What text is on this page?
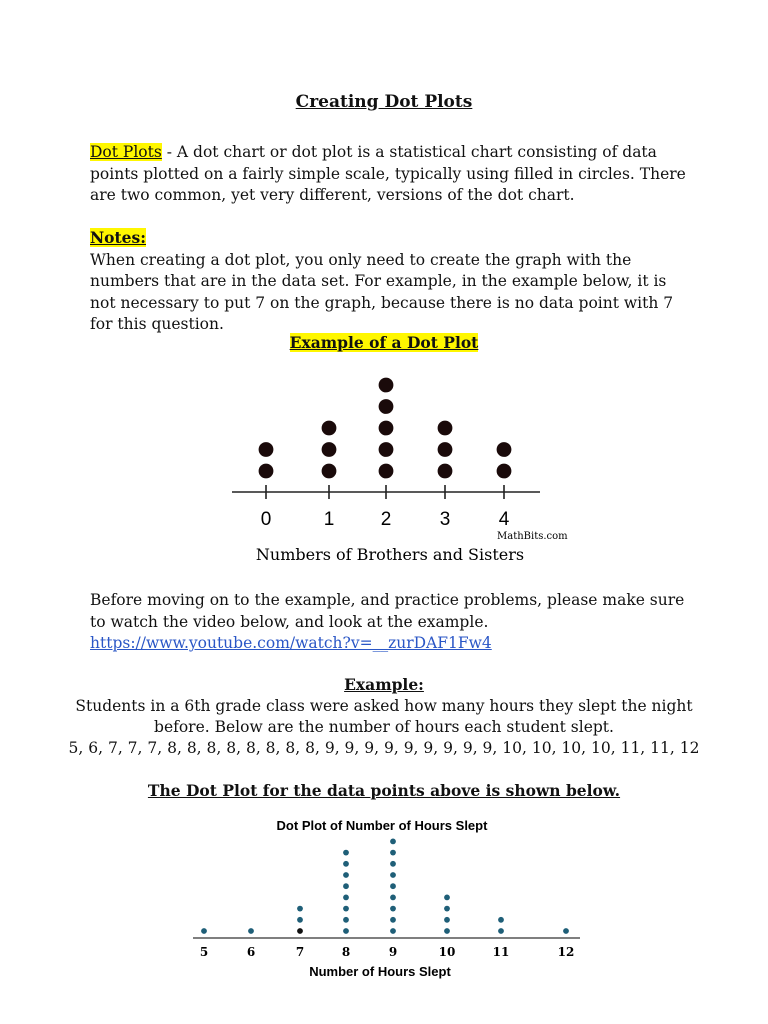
Creating Dot Plots
Dot Plots - A dot chart or dot plot is a statistical chart consisting of data points plotted on a fairly simple scale, typically using filled in circles. There are two common, yet very different, versions of the dot chart.
Notes:
When creating a dot plot, you only need to create the graph with the numbers that are in the data set. For example, in the example below, it is not necessary to put 7 on the graph, because there is no data point with 7 for this question.
Example of a Dot Plot
0	1 2	3	4
MathBits.com
Numbers of Brothers and Sisters
Before moving on to the example, and practice problems, please make sure to watch the video below, and look at the example.
https://www.youtube.com/watch?v=__zurDAF1Fw4
Example:
Students in a 6th grade class were asked how many hours they slept the night
before. Below are the number of hours each student slept.
5, 6, 7, 7, 7, 8, 8, 8, 8, 8, 8, 8, 8, 9, 9, 9, 9, 9, 9, 9, 9, 9, 10, 10, 10, 10, 11, 11, 12
The Dot Plot for the data points above is shown below.
Dot Plot of Number of Hours Slept
5	6	7	8	9	10	11	12
Number of Hours Slept
